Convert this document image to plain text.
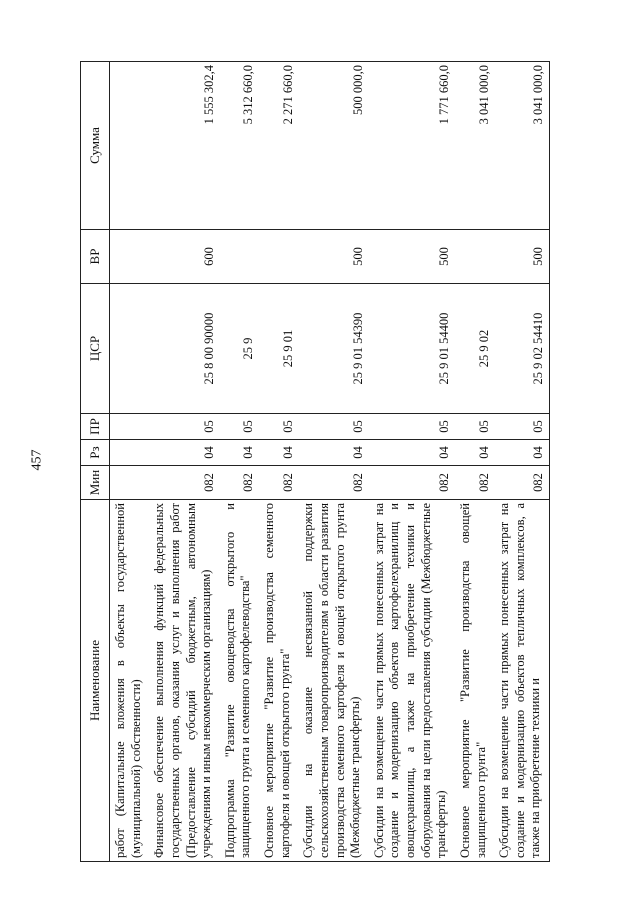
457
Наименование	Мин	Рз	ПР	ЦСР	ВР	Сумма
работ (Капитальные вложения в объекты государственной (муниципальной) собственности)						
Финансовое обеспечение выполнения функций федеральных государственных органов, оказания услуг и выполнения работ (Предоставление субсидий бюджетным, автономным учреждениям и иным некоммерческим организациям)	082	04	05	25 8 00 90000	600	1 555 302,4
Подпрограмма "Развитие овощеводства открытого и защищенного грунта и семенного картофелеводства"	082	04	05	25 9		5 312 660,0
Основное мероприятие "Развитие производства семенного картофеля и овощей открытого грунта"	082	04	05	25 9 01		2 271 660,0
Субсидии на оказание несвязанной поддержки сельскохозяйственным товаропроизводителям в области развития производства семенного картофеля и овощей открытого грунта (Межбюджетные трансферты)	082	04	05	25 9 01 54390	500	500 000,0
Субсидии на возмещение части прямых понесенных затрат на создание и модернизацию объектов картофелехранилищ и овощехранилищ, а также на приобретение техники и оборудования на цели предоставления субсидии (Межбюджетные трансферты)	082	04	05	25 9 01 54400	500	1 771 660,0
Основное мероприятие "Развитие производства овощей защищенного грунта"	082	04	05	25 9 02		3 041 000,0
Субсидии на возмещение части прямых понесенных затрат на создание и модернизацию объектов тепличных комплексов, а также на приобретение техники и	082	04	05	25 9 02 54410	500	3 041 000,0
